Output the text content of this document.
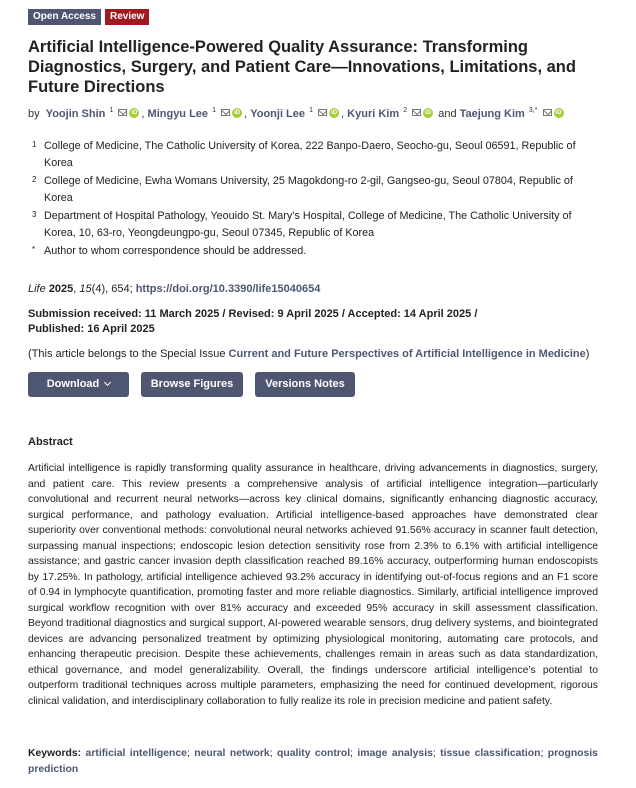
Open Access	Review
Artificial Intelligence-Powered Quality Assurance: Transforming Diagnostics, Surgery, and Patient Care—Innovations, Limitations, and Future Directions
by Yoojin Shin $^1$	iD , Mingyu Lee $^1$	iD , Yoonji Lee $^1$	iD , Kyuri Kim $^2$	iD and Taejung Kim $^{3,*}$	iD
1 College of Medicine, The Catholic University of Korea, 222 Banpo-Daero, Seocho-gu, Seoul 06591, Republic of Korea
2 College of Medicine, Ewha Womans University, 25 Magokdong-ro 2-gil, Gangseo-gu, Seoul 07804, Republic of Korea
3 Department of Hospital Pathology, Yeouido St. Mary’s Hospital, College of Medicine, The Catholic University of Korea, 10, 63-ro, Yeongdeungpo-gu, Seoul 07345, Republic of Korea
* Author to whom correspondence should be addressed.
Life 2025, 15(4), 654; https://doi.org/10.3390/life15040654
Submission received: 11 March 2025 / Revised: 9 April 2025 / Accepted: 14 April 2025 / Published: 16 April 2025
(This article belongs to the Special Issue Current and Future Perspectives of Artificial Intelligence in Medicine)
Download	Browse Figures	Versions Notes
Abstract

Artificial intelligence is rapidly transforming quality assurance in healthcare, driving advancements in diagnostics, surgery, and patient care. This review presents a comprehensive analysis of artificial intelligence integration—particularly convolutional and recurrent neural networks—across key clinical domains, significantly enhancing diagnostic accuracy, surgical performance, and pathology evaluation. Artificial intelligence-based approaches have demonstrated clear superiority over conventional methods: convolutional neural networks achieved 91.56% accuracy in scanner fault detection, surpassing manual inspections; endoscopic lesion detection sensitivity rose from 2.3% to 6.1% with artificial intelligence assistance; and gastric cancer invasion depth classification reached 89.16% accuracy, outperforming human endoscopists by 17.25%. In pathology, artificial intelligence achieved 93.2% accuracy in identifying out-of-focus regions and an F1 score of 0.94 in lymphocyte quantification, promoting faster and more reliable diagnostics. Similarly, artificial intelligence improved surgical workflow recognition with over 81% accuracy and exceeded 95% accuracy in skill assessment classification. Beyond traditional diagnostics and surgical support, AI-powered wearable sensors, drug delivery systems, and biointegrated devices are advancing personalized treatment by optimizing physiological monitoring, automating care protocols, and enhancing therapeutic precision. Despite these achievements, challenges remain in areas such as data standardization, ethical governance, and model generalizability. Overall, the findings underscore artificial intelligence’s potential to outperform traditional techniques across multiple parameters, emphasizing the need for continued development, rigorous clinical validation, and interdisciplinary collaboration to fully realize its role in precision medicine and patient safety.

Keywords: artificial intelligence; neural network; quality control; image analysis; tissue classification; prognosis prediction
